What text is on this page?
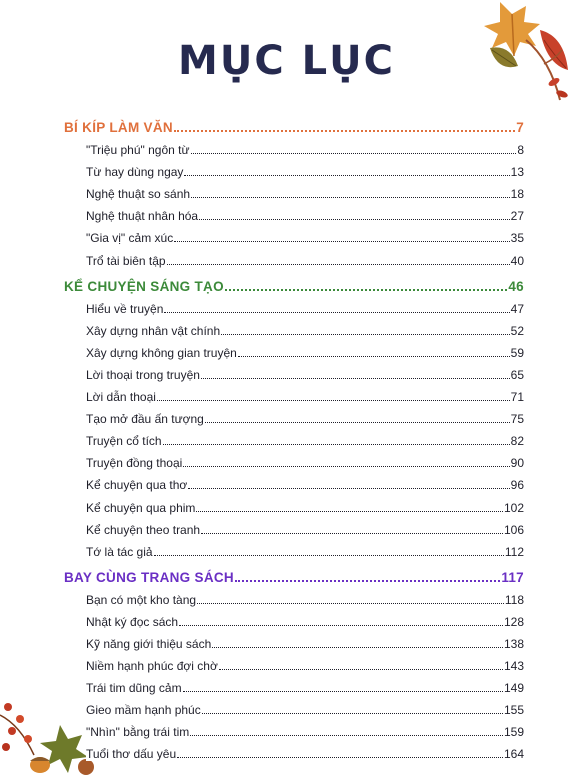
MỤC LỤC
BÍ KÍP LÀM VĂN	7
"Triệu phú" ngôn từ	8
Từ hay dùng ngay	13
Nghệ thuật so sánh	18
Nghệ thuật nhân hóa	27
"Gia vị" cảm xúc	35
Trổ tài biên tập	40
KỂ CHUYỆN SÁNG TẠO	46
Hiểu về truyện	47
Xây dựng nhân vật chính	52
Xây dựng không gian truyện	59
Lời thoại trong truyện	65
Lời dẫn thoại	71
Tạo mở đầu ấn tượng	75
Truyện cổ tích	82
Truyện đồng thoại	90
Kể chuyện qua thơ	96
Kể chuyện qua phim	102
Kể chuyện theo tranh	106
Tớ là tác giả	112
BAY CÙNG TRANG SÁCH	117
Bạn có một kho tàng	118
Nhật ký đọc sách	128
Kỹ năng giới thiệu sách	138
Niềm hạnh phúc đợi chờ	143
Trái tim dũng cảm	149
Gieo mầm hạnh phúc	155
"Nhìn" bằng trái tim	159
Tuổi thơ dấu yêu	164
